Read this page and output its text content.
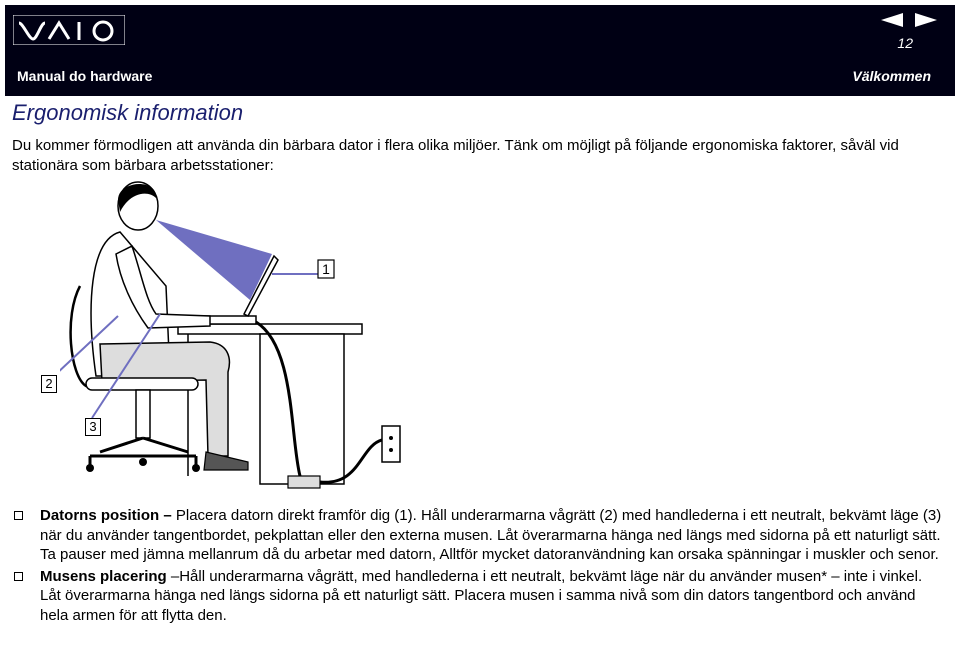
12
Manual do hardware	Välkommen
Ergonomisk information

Du kommer förmodligen att använda din bärbara dator i flera olika miljöer. Tänk om möjligt på följande ergonomiska faktorer, såväl vid stationära som bärbara arbetsstationer:

1
2
3
Datorns position – Placera datorn direkt framför dig (1). Håll underarmarna vågrätt (2) med handlederna i ett neutralt, bekvämt läge (3) när du använder tangentbordet, pekplattan eller den externa musen. Låt överarmarna hänga ned längs med sidorna på ett naturligt sätt. Ta pauser med jämna mellanrum då du arbetar med datorn, Alltför mycket datoranvändning kan orsaka spänningar i muskler och senor.
Musens placering –Håll underarmarna vågrätt, med handlederna i ett neutralt, bekvämt läge när du använder musen* – inte i vinkel. Låt överarmarna hänga ned längs sidorna på ett naturligt sätt. Placera musen i samma nivå som din dators tangentbord och använd hela armen för att flytta den.
